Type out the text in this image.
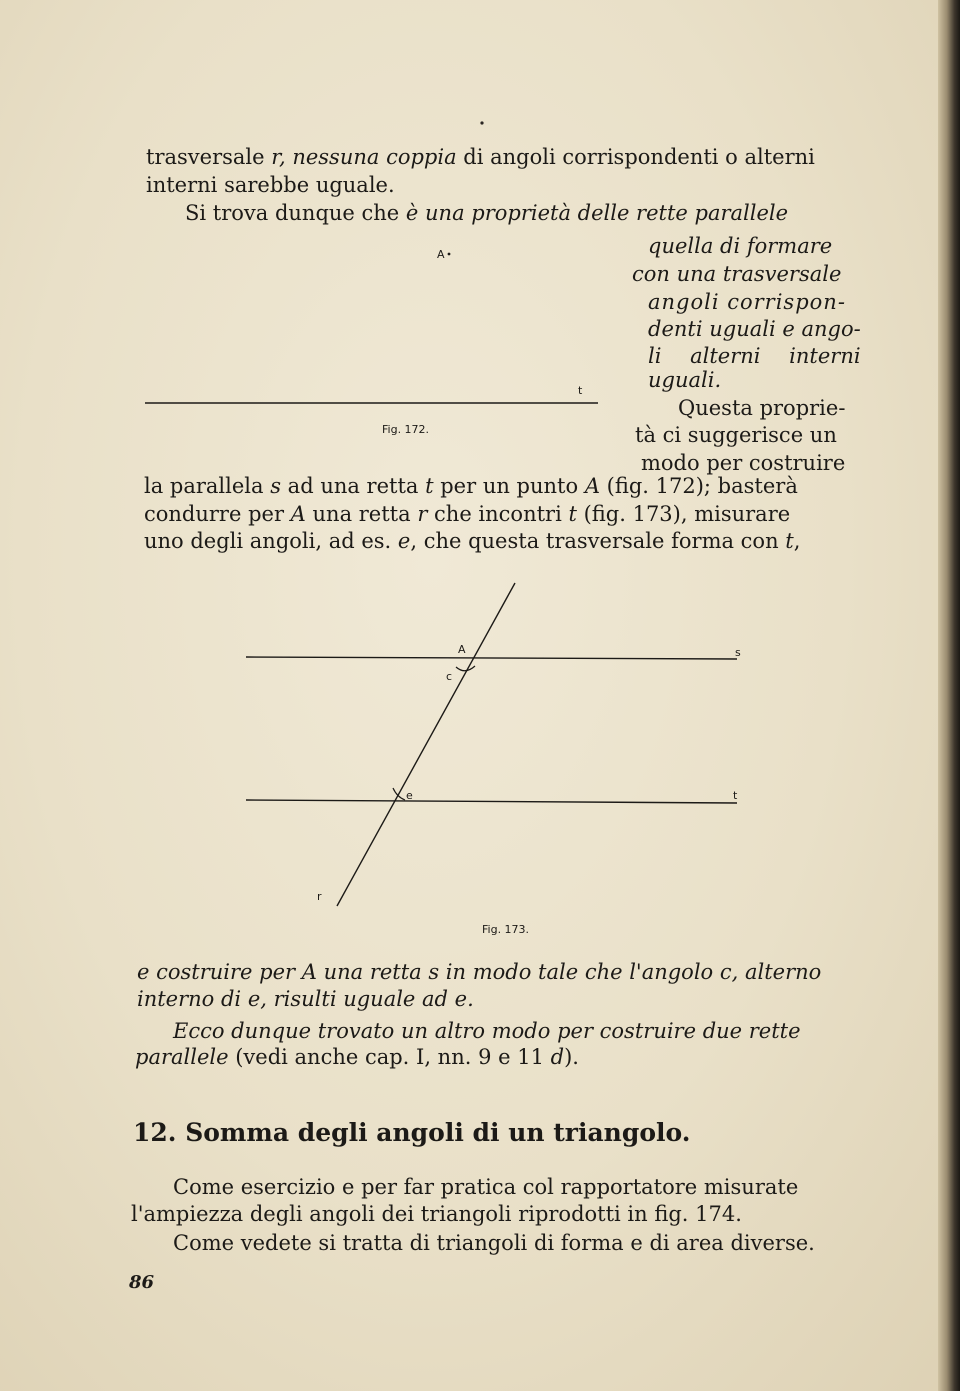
trasversale r, nessuna coppia di angoli corrispondenti o alterni
interni sarebbe uguale.
Si trova dunque che è una proprietà delle rette parallele
quella di formare
con una trasversale
angoli corrispon-
denti uguali e ango-
li alterni interni
uguali.
Questa proprie-
tà ci suggerisce un
modo per costruire
A
t
Fig. 172.
la parallela s ad una retta t per un punto A (fig. 172); basterà
condurre per A una retta r che incontri t (fig. 173), misurare
uno degli angoli, ad es. e, che questa trasversale forma con t,
A
c
s
e	t
r
Fig. 173.
e costruire per A una retta s in modo tale che l'angolo c, alterno
interno di e, risulti uguale ad e.
Ecco dunque trovato un altro modo per costruire due rette
parallele (vedi anche cap. I, nn. 9 e 11 d).
12. Somma degli angoli di un triangolo.
Come esercizio e per far pratica col rapportatore misurate
l'ampiezza degli angoli dei triangoli riprodotti in fig. 174.
Come vedete si tratta di triangoli di forma e di area diverse.
86
